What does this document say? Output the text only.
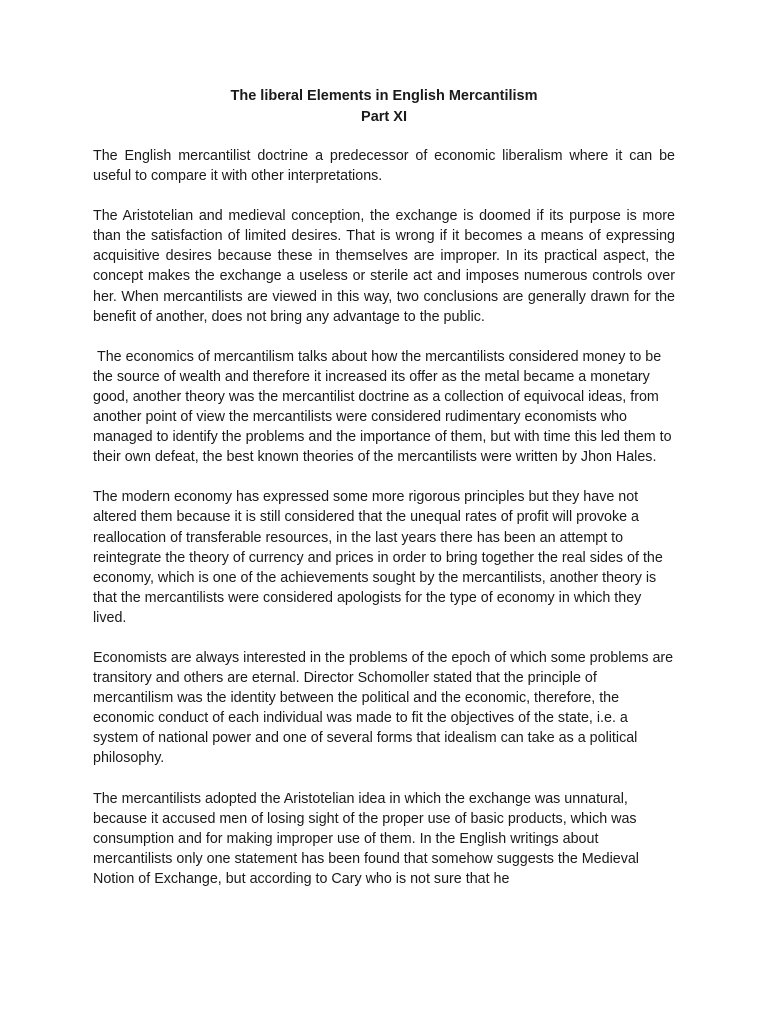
The liberal Elements in English Mercantilism

Part XI

The English mercantilist doctrine a predecessor of economic liberalism where it can be useful to compare it with other interpretations.

The Aristotelian and medieval conception, the exchange is doomed if its purpose is more than the satisfaction of limited desires. That is wrong if it becomes a means of expressing acquisitive desires because these in themselves are improper. In its practical aspect, the concept makes the exchange a useless or sterile act and imposes numerous controls over her. When mercantilists are viewed in this way, two conclusions are generally drawn for the benefit of another, does not bring any advantage to the public.

The economics of mercantilism talks about how the mercantilists considered money to be the source of wealth and therefore it increased its offer as the metal became a monetary good, another theory was the mercantilist doctrine as a collection of equivocal ideas, from another point of view the mercantilists were considered rudimentary economists who managed to identify the problems and the importance of them, but with time this led them to their own defeat, the best known theories of the mercantilists were written by Jhon Hales.

The modern economy has expressed some more rigorous principles but they have not altered them because it is still considered that the unequal rates of profit will provoke a reallocation of transferable resources, in the last years there has been an attempt to reintegrate the theory of currency and prices in order to bring together the real sides of the economy, which is one of the achievements sought by the mercantilists, another theory is that the mercantilists were considered apologists for the type of economy in which they lived.

Economists are always interested in the problems of the epoch of which some problems are transitory and others are eternal. Director Schomoller stated that the principle of mercantilism was the identity between the political and the economic, therefore, the economic conduct of each individual was made to fit the objectives of the state, i.e. a system of national power and one of several forms that idealism can take as a political philosophy.

The mercantilists adopted the Aristotelian idea in which the exchange was unnatural, because it accused men of losing sight of the proper use of basic products, which was consumption and for making improper use of them. In the English writings about mercantilists only one statement has been found that somehow suggests the Medieval Notion of Exchange, but according to Cary who is not sure that he
